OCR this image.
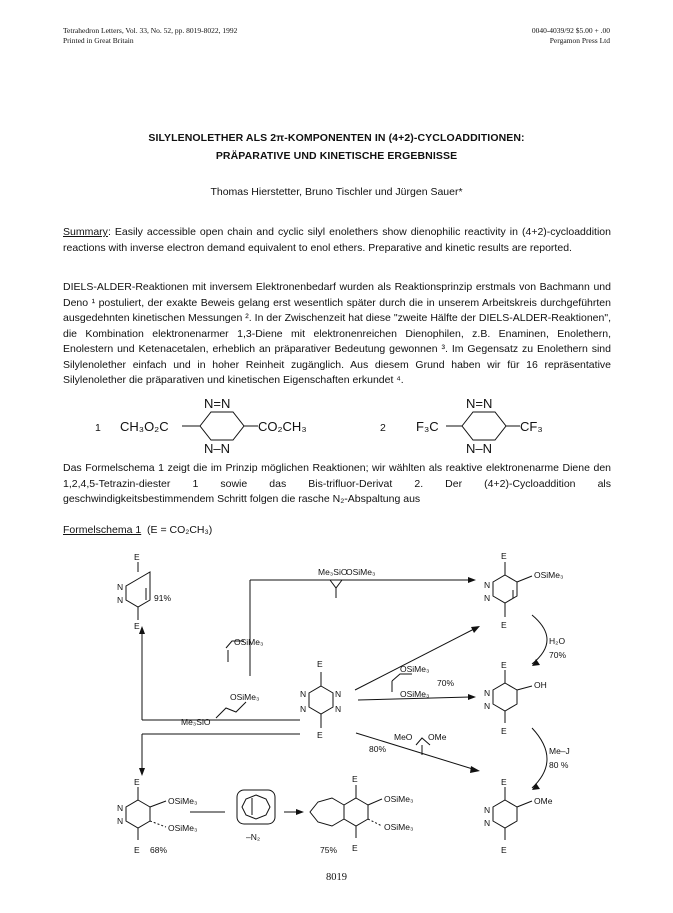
Tetrahedron Letters, Vol. 33, No. 52, pp. 8019-8022, 1992
Printed in Great Britain
0040-4039/92 $5.00 + .00
Pergamon Press Ltd
SILYLENOLETHER ALS 2π-KOMPONENTEN IN (4+2)-CYCLOADDITIONEN:
PRÄPARATIVE UND KINETISCHE ERGEBNISSE
Thomas Hierstetter, Bruno Tischler und Jürgen Sauer*
Summary: Easily accessible open chain and cyclic silyl enolethers show dienophilic reactivity in (4+2)-cycloaddition reactions with inverse electron demand equivalent to enol ethers. Preparative and kinetic results are reported.
DIELS-ALDER-Reaktionen mit inversem Elektronenbedarf wurden als Reaktionsprinzip erstmals von Bachmann und Deno ¹ postuliert, der exakte Beweis gelang erst wesentlich später durch die in unserem Arbeitskreis durchgeführten ausgedehnten kinetischen Messungen ². In der Zwischenzeit hat diese "zweite Hälfte der DIELS-ALDER-Reaktionen", die Kombination elektronenarmer 1,3-Diene mit elektronenreichen Dienophilen, z.B. Enaminen, Enolethern, Enolestern und Ketenacetalen, erheblich an präparativer Bedeutung gewonnen ³. Im Gegensatz zu Enolethern sind Silylenolether einfach und in hoher Reinheit zugänglich. Aus diesem Grund haben wir für 16 repräsentative Silylenolether die präparativen und kinetischen Eigenschaften erkundet ⁴.
Das Formelschema 1 zeigt die im Prinzip möglichen Reaktionen; wir wählten als reaktive elektronenarme Diene den 1,2,4,5-Tetrazin-diester 1 sowie das Bis-trifluor-Derivat 2. Der (4+2)-Cycloaddition als geschwindigkeitsbestimmendem Schritt folgen die rasche N₂-Abspaltung aus
Formelschema 1 (E = CO₂CH₃)
8019
1 CH₃O₂C	CO₂CH₃
N=N
N–N
2 F₃C	CF₃
N=N
N–N
E
E
N
N	91%
Me₃SiO
OSiMe₃
E
OSiMe₃
N
N
E
H₂O
70%
OSiMe₃
E
N	N
N	N
E
OSiMe₃
OSiMe₃
70%
E
OH
N
N
E
OSiMe₃
Me₃SiO
MeO OMe
80%	Me–J
80 %
E
OSiMe₃
N
N
OSiMe₃
E 68%
–N₂
E
OSiMe₃
OSiMe₃
75% E
E
OMe
N
N
E
